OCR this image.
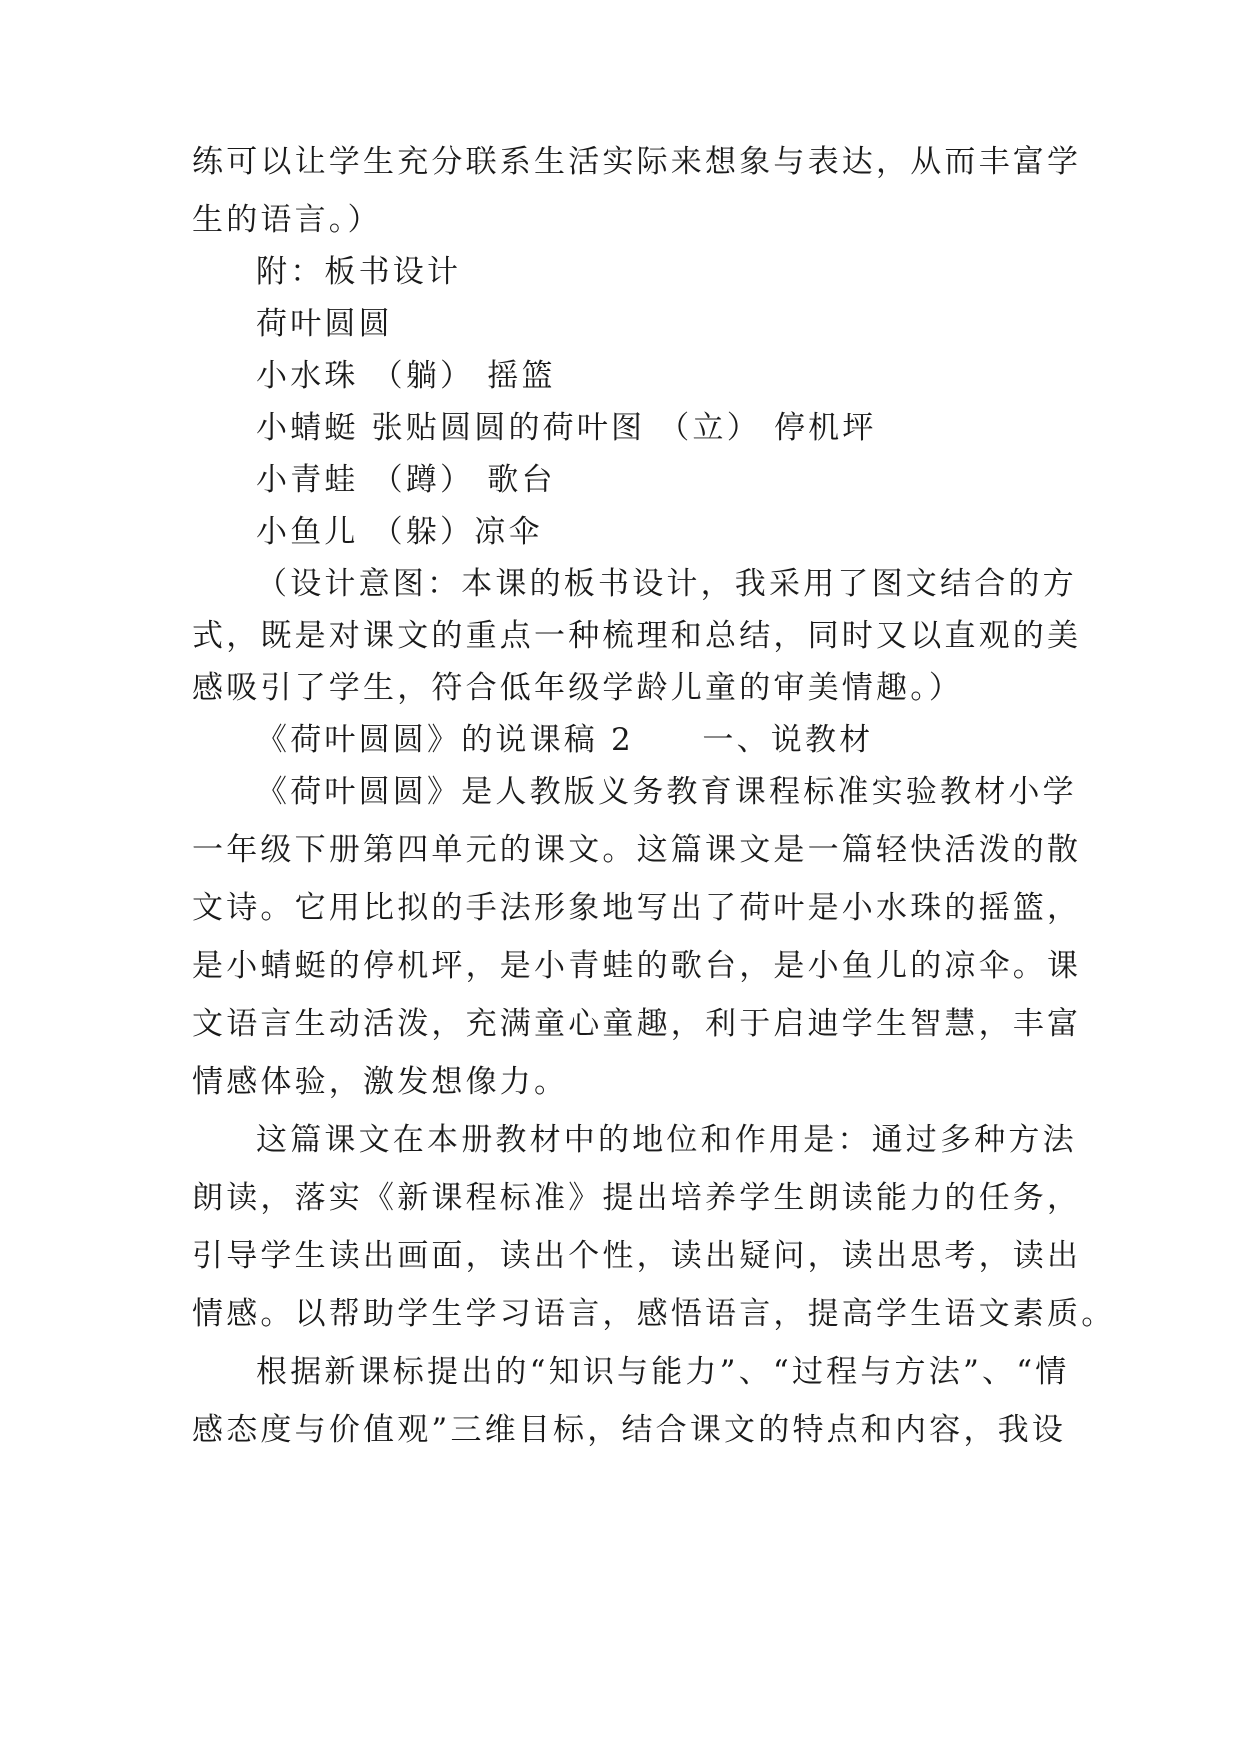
练可以让学生充分联系生活实际来想象与表达，从而丰富学
生的语言。）
附：板书设计
荷叶圆圆
小水珠 （躺） 摇篮
小蜻蜓 张贴圆圆的荷叶图 （立） 停机坪
小青蛙 （蹲） 歌台
小鱼儿 （躲）凉伞
（设计意图：本课的板书设计，我采用了图文结合的方
式，既是对课文的重点一种梳理和总结，同时又以直观的美
感吸引了学生，符合低年级学龄儿童的审美情趣。）
《荷叶圆圆》的说课稿 2　　一、说教材
《荷叶圆圆》是人教版义务教育课程标准实验教材小学
一年级下册第四单元的课文。这篇课文是一篇轻快活泼的散
文诗。它用比拟的手法形象地写出了荷叶是小水珠的摇篮，
是小蜻蜓的停机坪，是小青蛙的歌台，是小鱼儿的凉伞。课
文语言生动活泼，充满童心童趣，利于启迪学生智慧，丰富
情感体验，激发想像力。
这篇课文在本册教材中的地位和作用是：通过多种方法
朗读，落实《新课程标准》提出培养学生朗读能力的任务，
引导学生读出画面，读出个性，读出疑问，读出思考，读出
情感。以帮助学生学习语言，感悟语言，提高学生语文素质。
根据新课标提出的“知识与能力”、“过程与方法”、“情
感态度与价值观”三维目标，结合课文的特点和内容，我设
